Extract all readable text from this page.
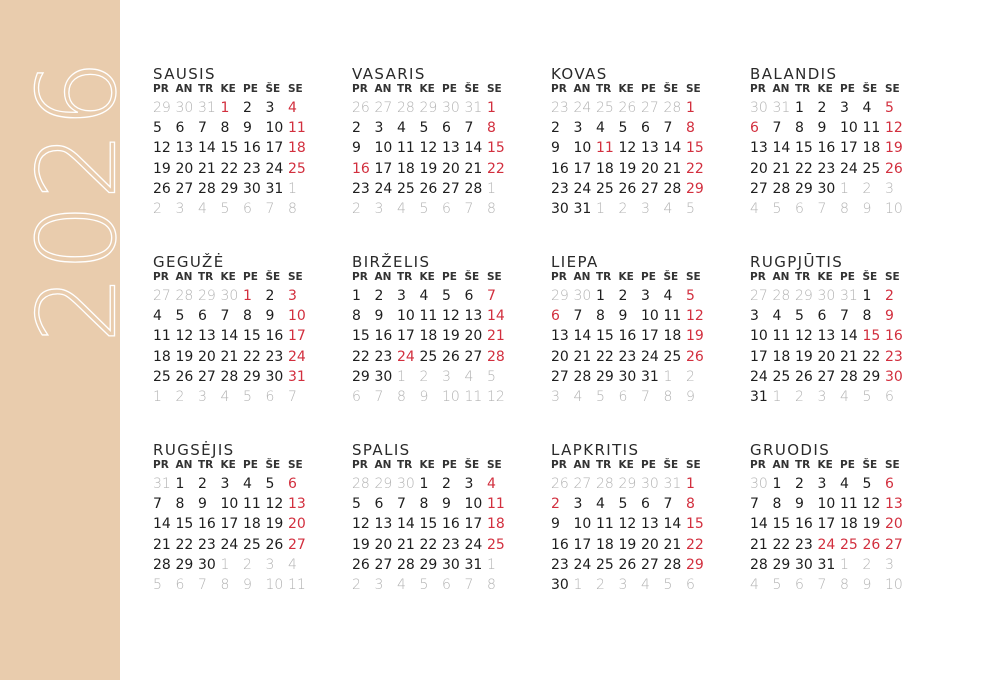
2026 SAUSIS
PR AN TR KE PE ŠE SE
29 30 31 1 2 3 4
5 6 7 8 9 10 11
12 13 14 15 16 17 18
19 20 21 22 23 24 25
26 27 28 29 30 31 1
2 3 4 5 6 7 8
VASARIS
PR AN TR KE PE ŠE SE
26 27 28 29 30 31 1
2 3 4 5 6 7 8
9 10 11 12 13 14 15
16 17 18 19 20 21 22
23 24 25 26 27 28 1
2 3 4 5 6 7 8
KOVAS
PR AN TR KE PE ŠE SE
23 24 25 26 27 28 1
2 3 4 5 6 7 8
9 10 11 12 13 14 15
16 17 18 19 20 21 22
23 24 25 26 27 28 29
30 31 1 2 3 4 5
BALANDIS
PR AN TR KE PE ŠE SE
30 31 1 2 3 4 5
6 7 8 9 10 11 12
13 14 15 16 17 18 19
20 21 22 23 24 25 26
27 28 29 30 1 2 3
4 5 6 7 8 9 10
GEGUŽĖ
PR AN TR KE PE ŠE SE
27 28 29 30 1 2 3
4 5 6 7 8 9 10
11 12 13 14 15 16 17
18 19 20 21 22 23 24
25 26 27 28 29 30 31
1 2 3 4 5 6 7
BIRŽELIS
PR AN TR KE PE ŠE SE
1 2 3 4 5 6 7
8 9 10 11 12 13 14
15 16 17 18 19 20 21
22 23 24 25 26 27 28
29 30 1 2 3 4 5
6 7 8 9 10 11 12
LIEPA
PR AN TR KE PE ŠE SE
29 30 1 2 3 4 5
6 7 8 9 10 11 12
13 14 15 16 17 18 19
20 21 22 23 24 25 26
27 28 29 30 31 1 2
3 4 5 6 7 8 9
RUGPJŪTIS
PR AN TR KE PE ŠE SE
27 28 29 30 31 1 2
3 4 5 6 7 8 9
10 11 12 13 14 15 16
17 18 19 20 21 22 23
24 25 26 27 28 29 30
31 1 2 3 4 5 6
RUGSĖJIS
PR AN TR KE PE ŠE SE
31 1 2 3 4 5 6
7 8 9 10 11 12 13
14 15 16 17 18 19 20
21 22 23 24 25 26 27
28 29 30 1 2 3 4
5 6 7 8 9 10 11
SPALIS
PR AN TR KE PE ŠE SE
28 29 30 1 2 3 4
5 6 7 8 9 10 11
12 13 14 15 16 17 18
19 20 21 22 23 24 25
26 27 28 29 30 31 1
2 3 4 5 6 7 8
LAPKRITIS
PR AN TR KE PE ŠE SE
26 27 28 29 30 31 1
2 3 4 5 6 7 8
9 10 11 12 13 14 15
16 17 18 19 20 21 22
23 24 25 26 27 28 29
30 1 2 3 4 5 6
GRUODIS
PR AN TR KE PE ŠE SE
30 1 2 3 4 5 6
7 8 9 10 11 12 13
14 15 16 17 18 19 20
21 22 23 24 25 26 27
28 29 30 31 1 2 3
4 5 6 7 8 9 10
